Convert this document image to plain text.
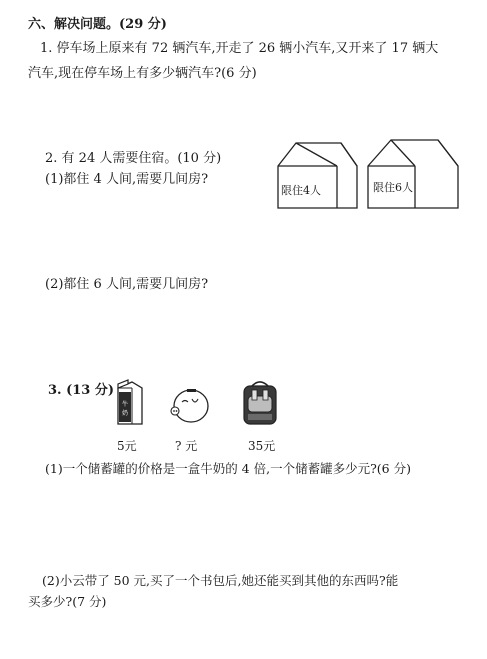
六、解决问题。(29 分)
1. 停车场上原来有 72 辆汽车,开走了 26 辆小汽车,又开来了 17 辆大
汽车,现在停车场上有多少辆汽车?(6 分)
2. 有 24 人需要住宿。(10 分)
(1)都住 4 人间,需要几间房?
限住4人	限住6人
(2)都住 6 人间,需要几间房?
3. (13 分)
牛
奶
5元	? 元	35元
(1)一个储蓄罐的价格是一盒牛奶的 4 倍,一个储蓄罐多少元?(6 分)
(2)小云带了 50 元,买了一个书包后,她还能买到其他的东西吗?能
买多少?(7 分)
